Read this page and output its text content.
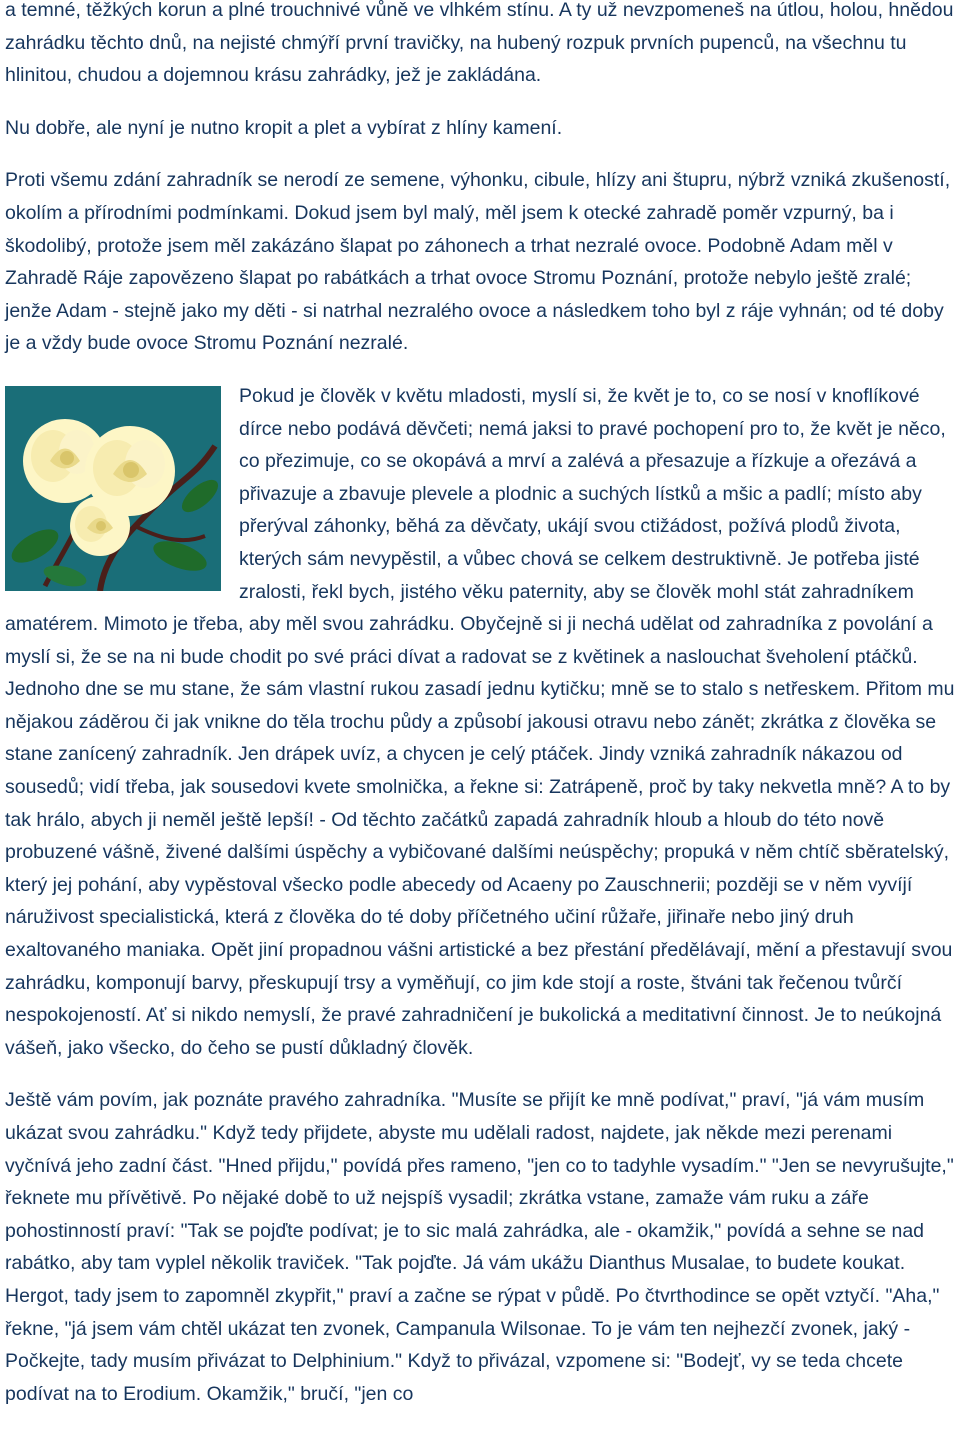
a temné, těžkých korun a plné trouchnivé vůně ve vlhkém stínu. A ty už nevzpomeneš na útlou, holou, hnědou zahrádku těchto dnů, na nejisté chmýří první travičky, na hubený rozpuk prvních pupenců, na všechnu tu hlinitou, chudou a dojemnou krásu zahrádky, jež je zakládána.

Nu dobře, ale nyní je nutno kropit a plet a vybírat z hlíny kamení.

Proti všemu zdání zahradník se nerodí ze semene, výhonku, cibule, hlízy ani štupru, nýbrž vzniká zkušeností, okolím a přírodními podmínkami. Dokud jsem byl malý, měl jsem k otecké zahradě poměr vzpurný, ba i škodolibý, protože jsem měl zakázáno šlapat po záhonech a trhat nezralé ovoce. Podobně Adam měl v Zahradě Ráje zapovězeno šlapat po rabátkách a trhat ovoce Stromu Poznání, protože nebylo ještě zralé; jenže Adam - stejně jako my děti - si natrhal nezralého ovoce a následkem toho byl z ráje vyhnán; od té doby je a vždy bude ovoce Stromu Poznání nezralé.

Pokud je člověk v květu mladosti, myslí si, že květ je to, co se nosí v knoflíkové dírce nebo podává děvčeti; nemá jaksi to pravé pochopení pro to, že květ je něco, co přezimuje, co se okopává a mrví a zalévá a přesazuje a řízkuje a ořezává a přivazuje a zbavuje plevele a plodnic a suchých lístků a mšic a padlí; místo aby přerýval záhonky, běhá za děvčaty, ukájí svou ctižádost, požívá plodů života, kterých sám nevypěstil, a vůbec chová se celkem destruktivně. Je potřeba jisté zralosti, řekl bych, jistého věku paternity, aby se člověk mohl stát zahradníkem amatérem. Mimoto je třeba, aby měl svou zahrádku. Obyčejně si ji nechá udělat od zahradníka z povolání a myslí si, že se na ni bude chodit po své práci dívat a radovat se z květinek a naslouchat šveholení ptáčků. Jednoho dne se mu stane, že sám vlastní rukou zasadí jednu kytičku; mně se to stalo s netřeskem. Přitom mu nějakou záděrou či jak vnikne do těla trochu půdy a způsobí jakousi otravu nebo zánět; zkrátka z člověka se stane zanícený zahradník. Jen drápek uvíz, a chycen je celý ptáček. Jindy vzniká zahradník nákazou od sousedů; vidí třeba, jak sousedovi kvete smolnička, a řekne si: Zatrápeně, proč by taky nekvetla mně? A to by tak hrálo, abych ji neměl ještě lepší! - Od těchto začátků zapadá zahradník hloub a hloub do této nově probuzené vášně, živené dalšími úspěchy a vybičované dalšími neúspěchy; propuká v něm chtíč sběratelský, který jej pohání, aby vypěstoval všecko podle abecedy od Acaeny po Zauschnerii; později se v něm vyvíjí náruživost specialistická, která z člověka do té doby příčetného učiní růžaře, jiřinaře nebo jiný druh exaltovaného maniaka. Opět jiní propadnou vášni artistické a bez přestání předělávají, mění a přestavují svou zahrádku, komponují barvy, přeskupují trsy a vyměňují, co jim kde stojí a roste, štváni tak řečenou tvůrčí nespokojeností. Ať si nikdo nemyslí, že pravé zahradničení je bukolická a meditativní činnost. Je to neúkojná vášeň, jako všecko, do čeho se pustí důkladný člověk.

Ještě vám povím, jak poznáte pravého zahradníka. "Musíte se přijít ke mně podívat," praví, "já vám musím ukázat svou zahrádku." Když tedy přijdete, abyste mu udělali radost, najdete, jak někde mezi perenami vyčnívá jeho zadní část. "Hned přijdu," povídá přes rameno, "jen co to tadyhle vysadím." "Jen se nevyrušujte," řeknete mu přívětivě. Po nějaké době to už nejspíš vysadil; zkrátka vstane, zamaže vám ruku a záře pohostinností praví: "Tak se pojďte podívat; je to sic malá zahrádka, ale - okamžik," povídá a sehne se nad rabátko, aby tam vyplel několik traviček. "Tak pojďte. Já vám ukážu Dianthus Musalae, to budete koukat. Hergot, tady jsem to zapomněl zkypřit," praví a začne se rýpat v půdě. Po čtvrthodince se opět vztyčí. "Aha," řekne, "já jsem vám chtěl ukázat ten zvonek, Campanula Wilsonae. To je vám ten nejhezčí zvonek, jaký - Počkejte, tady musím přivázat to Delphinium." Když to přivázal, vzpomene si: "Bodejť, vy se teda chcete podívat na to Erodium. Okamžik," bručí, "jen co
